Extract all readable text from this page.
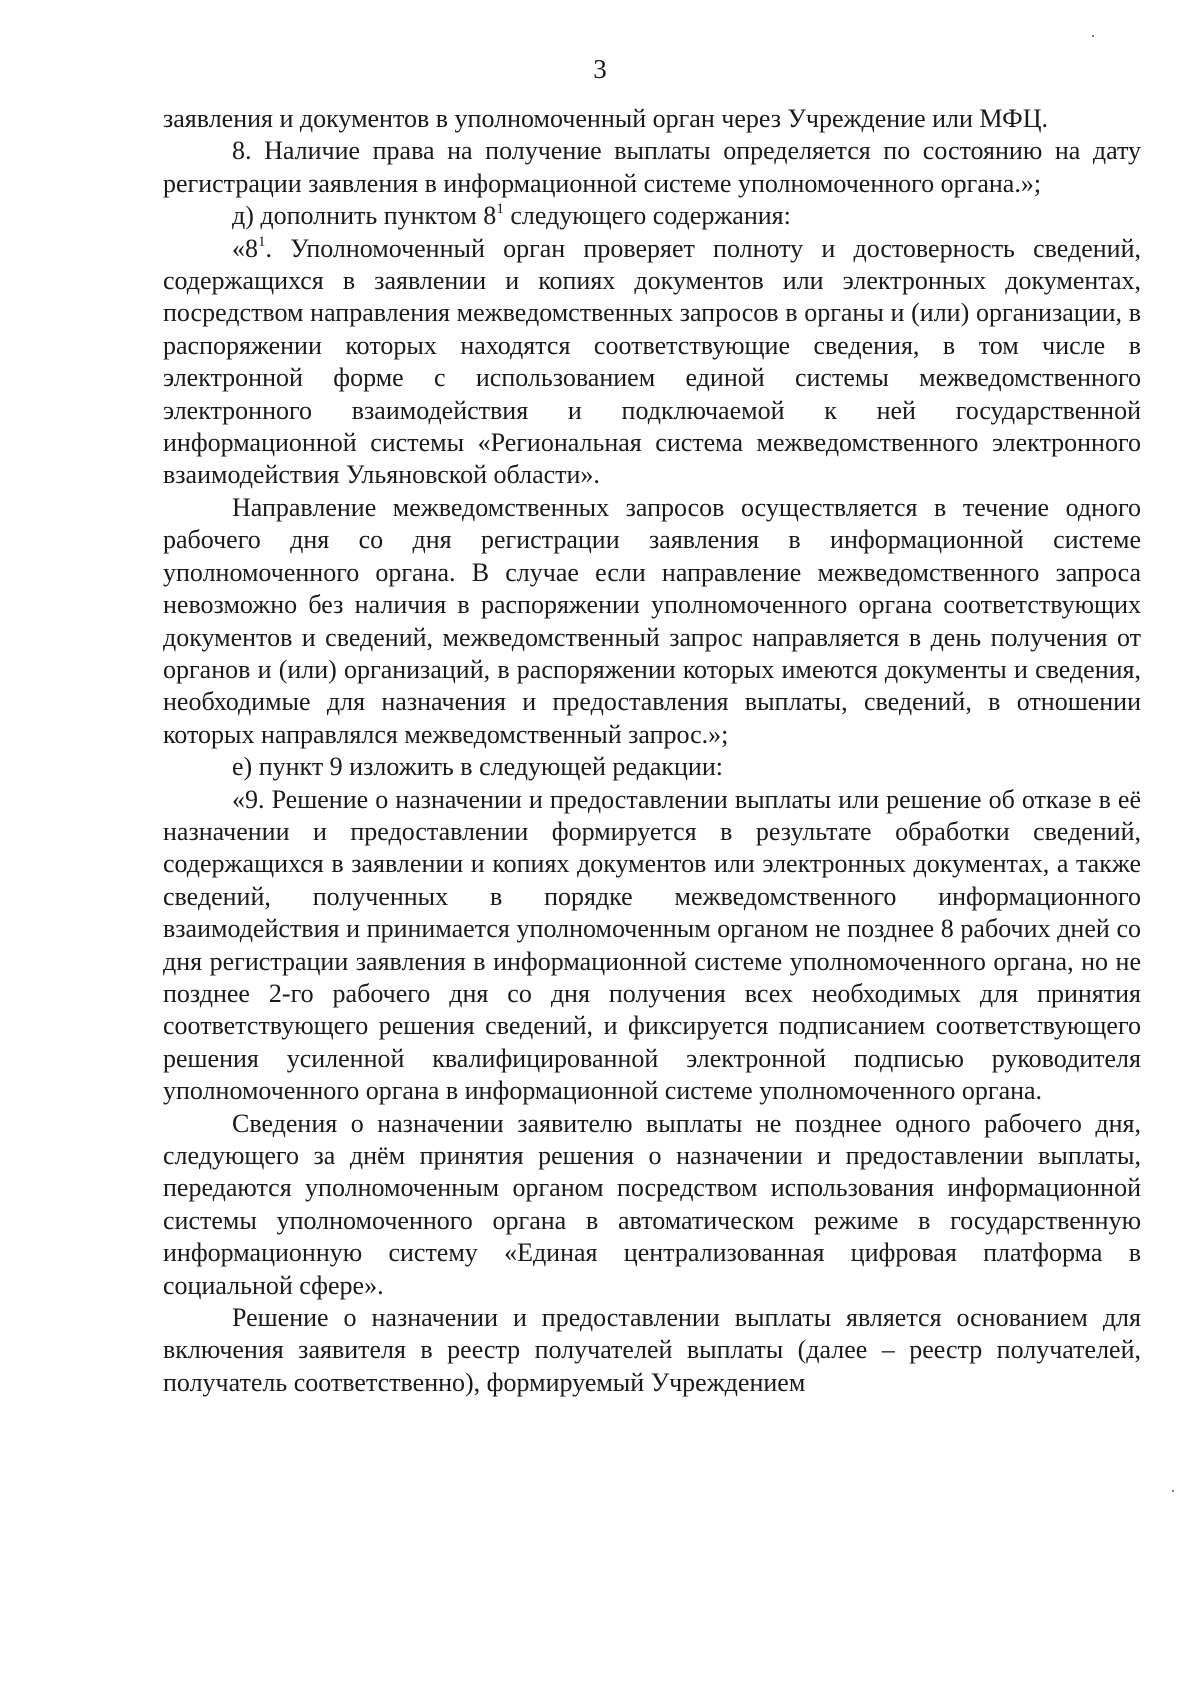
3

заявления и документов в уполномоченный орган через Учреждение или МФЦ.

8. Наличие права на получение выплаты определяется по состоянию на дату регистрации заявления в информационной системе уполномоченного органа.»;

д) дополнить пунктом $8^1$ следующего содержания:

«$8^1$. Уполномоченный орган проверяет полноту и достоверность сведений, содержащихся в заявлении и копиях документов или электронных документах, посредством направления межведомственных запросов в органы и (или) организации, в распоряжении которых находятся соответствующие сведения, в том числе в электронной форме с использованием единой системы межведомственного электронного взаимодействия и подключаемой к ней государственной информационной системы «Региональная система межведомственного электронного взаимодействия Ульяновской области».

Направление межведомственных запросов осуществляется в течение одного рабочего дня со дня регистрации заявления в информационной системе уполномоченного органа. В случае если направление межведомственного запроса невозможно без наличия в распоряжении уполномоченного органа соответствующих документов и сведений, межведомственный запрос направляется в день получения от органов и (или) организаций, в распоряжении которых имеются документы и сведения, необходимые для назначения и предоставления выплаты, сведений, в отношении которых направлялся межведомственный запрос.»;

е) пункт 9 изложить в следующей редакции:

«9. Решение о назначении и предоставлении выплаты или решение об отказе в её назначении и предоставлении формируется в результате обработки сведений, содержащихся в заявлении и копиях документов или электронных документах, а также сведений, полученных в порядке межведомственного информационного взаимодействия и принимается уполномоченным органом не позднее 8 рабочих дней со дня регистрации заявления в информационной системе уполномоченного органа, но не позднее 2-го рабочего дня со дня получения всех необходимых для принятия соответствующего решения сведений, и фиксируется подписанием соответствующего решения усиленной квалифицированной электронной подписью руководителя уполномоченного органа в информационной системе уполномоченного органа.

Сведения о назначении заявителю выплаты не позднее одного рабочего дня, следующего за днём принятия решения о назначении и предоставлении выплаты, передаются уполномоченным органом посредством использования информационной системы уполномоченного органа в автоматическом режиме в государственную информационную систему «Единая централизованная цифровая платформа в социальной сфере».

Решение о назначении и предоставлении выплаты является основанием для включения заявителя в реестр получателей выплаты (далее – реестр получателей, получатель соответственно), формируемый Учреждением
